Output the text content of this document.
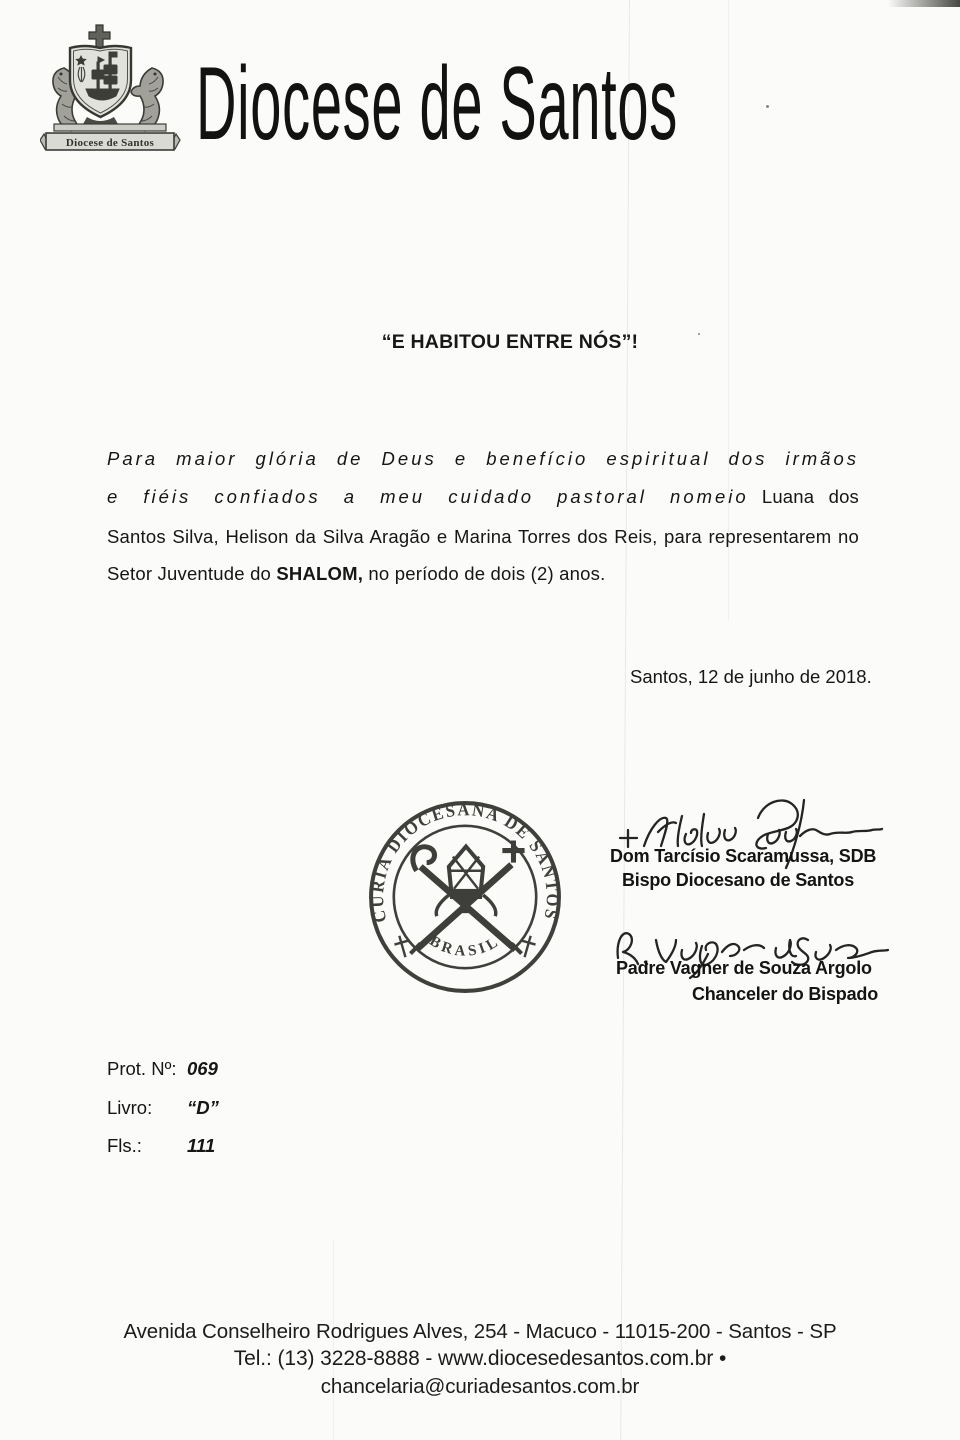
Diocese de Santos Diocese de Santos
“E HABITOU ENTRE NÓS”!
Para maior glória de Deus e benefício espiritual dos irmãos
e fiéis confiados a meu cuidado pastoral nomeio Luana dos
Santos Silva, Helison da Silva Aragão e Marina Torres dos Reis, para representarem no
Setor Juventude do SHALOM, no período de dois (2) anos.
Santos, 12 de junho de 2018.
CURIA DIOCESANA DE SANTOS
BRASIL
Dom Tarcísio Scaramussa, SDB
Bispo Diocesano de Santos
Padre Vagner de Souza Argolo
Chanceler do Bispado
Prot. Nº: 069
Livro: “D”
Fls.: 111
Avenida Conselheiro Rodrigues Alves, 254 - Macuco - 11015-200 - Santos - SP
Tel.: (13) 3228-8888 - www.diocesedesantos.com.br •
chancelaria@curiadesantos.com.br
